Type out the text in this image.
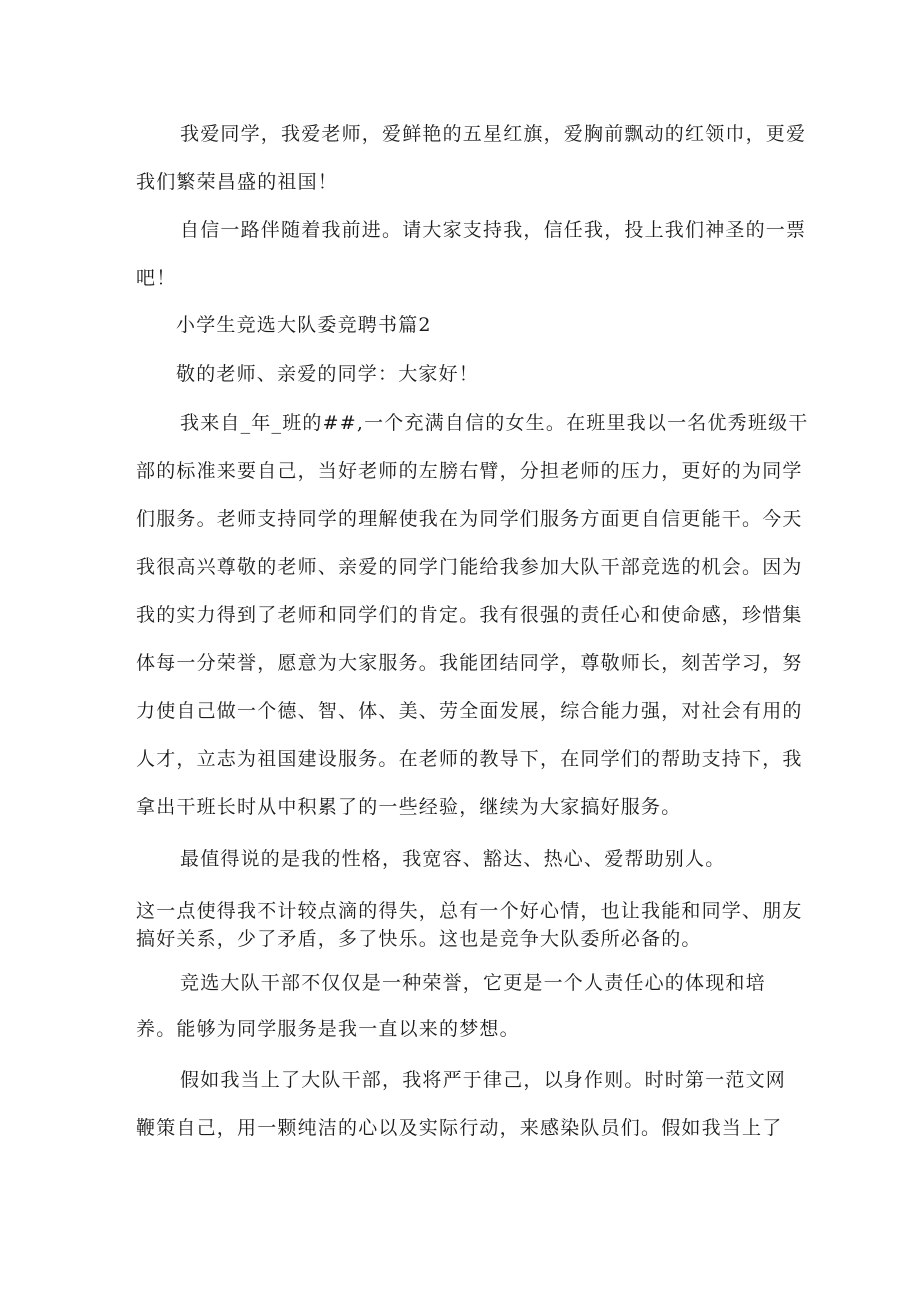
我爱同学，我爱老师，爱鲜艳的五星红旗，爱胸前飘动的红领巾，更爱
我们繁荣昌盛的祖国！
自信一路伴随着我前进。请大家支持我，信任我，投上我们神圣的一票
吧！
小学生竞选大队委竞聘书篇2
敬的老师、亲爱的同学：大家好！
我来自_年_班的##,一个充满自信的女生。在班里我以一名优秀班级干
部的标准来要自己，当好老师的左膀右臂，分担老师的压力，更好的为同学
们服务。老师支持同学的理解使我在为同学们服务方面更自信更能干。今天
我很高兴尊敬的老师、亲爱的同学门能给我参加大队干部竞选的机会。因为
我的实力得到了老师和同学们的肯定。我有很强的责任心和使命感，珍惜集
体每一分荣誉，愿意为大家服务。我能团结同学，尊敬师长，刻苦学习，努
力使自己做一个德、智、体、美、劳全面发展，综合能力强，对社会有用的
人才，立志为祖国建设服务。在老师的教导下，在同学们的帮助支持下，我
拿出干班长时从中积累了的一些经验，继续为大家搞好服务。
最值得说的是我的性格，我宽容、豁达、热心、爱帮助别人。
这一点使得我不计较点滴的得失，总有一个好心情，也让我能和同学、朋友
搞好关系，少了矛盾，多了快乐。这也是竞争大队委所必备的。
竞选大队干部不仅仅是一种荣誉，它更是一个人责任心的体现和培
养。能够为同学服务是我一直以来的梦想。
假如我当上了大队干部，我将严于律己，以身作则。时时第一范文网
鞭策自己，用一颗纯洁的心以及实际行动，来感染队员们。假如我当上了
